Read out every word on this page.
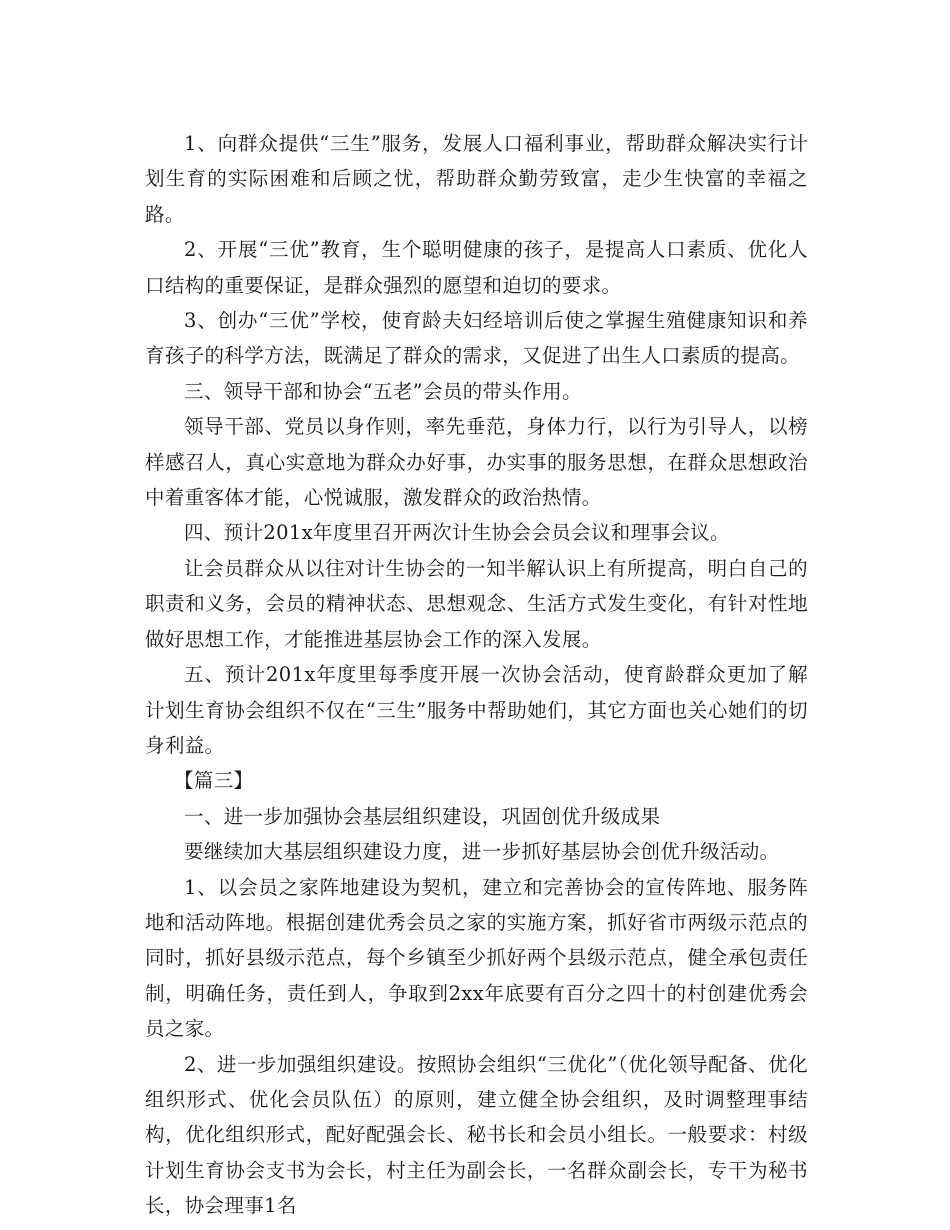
1、向群众提供“三生”服务，发展人口福利事业，帮助群众解决实行计划生育的实际困难和后顾之忧，帮助群众勤劳致富，走少生快富的幸福之路。

2、开展“三优”教育，生个聪明健康的孩子，是提高人口素质、优化人口结构的重要保证，是群众强烈的愿望和迫切的要求。

3、创办“三优”学校，使育龄夫妇经培训后使之掌握生殖健康知识和养育孩子的科学方法，既满足了群众的需求，又促进了出生人口素质的提高。

三、领导干部和协会“五老”会员的带头作用。

领导干部、党员以身作则，率先垂范，身体力行，以行为引导人，以榜样感召人，真心实意地为群众办好事，办实事的服务思想，在群众思想政治中着重客体才能，心悦诚服，激发群众的政治热情。

四、预计201x年度里召开两次计生协会会员会议和理事会议。

让会员群众从以往对计生协会的一知半解认识上有所提高，明白自己的职责和义务，会员的精神状态、思想观念、生活方式发生变化，有针对性地做好思想工作，才能推进基层协会工作的深入发展。

五、预计201x年度里每季度开展一次协会活动，使育龄群众更加了解计划生育协会组织不仅在“三生”服务中帮助她们，其它方面也关心她们的切身利益。

【篇三】

一、进一步加强协会基层组织建设，巩固创优升级成果

要继续加大基层组织建设力度，进一步抓好基层协会创优升级活动。

1、以会员之家阵地建设为契机，建立和完善协会的宣传阵地、服务阵地和活动阵地。根据创建优秀会员之家的实施方案，抓好省市两级示范点的同时，抓好县级示范点，每个乡镇至少抓好两个县级示范点，健全承包责任制，明确任务，责任到人，争取到2xx年底要有百分之四十的村创建优秀会员之家。

2、进一步加强组织建设。按照协会组织“三优化”（优化领导配备、优化组织形式、优化会员队伍）的原则，建立健全协会组织，及时调整理事结构，优化组织形式，配好配强会长、秘书长和会员小组长。一般要求：村级计划生育协会支书为会长，村主任为副会长，一名群众副会长，专干为秘书长，协会理事1名
